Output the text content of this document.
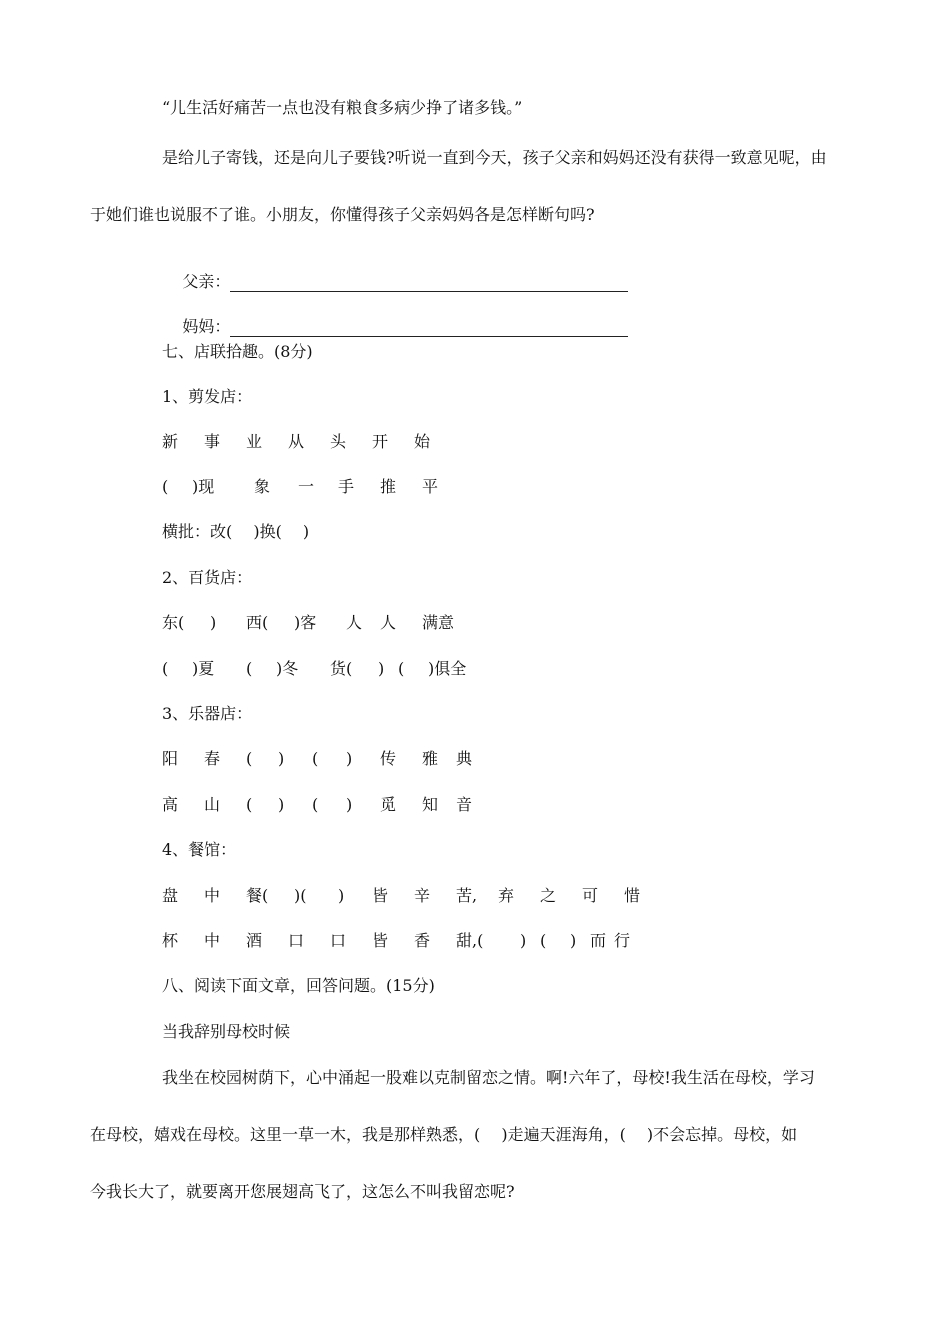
“儿生活好痛苦一点也没有粮食多病少挣了诸多钱。”
是给儿子寄钱，还是向儿子要钱?听说一直到今天，孩子父亲和妈妈还没有获得一致意见呢，由
于她们谁也说服不了谁。小朋友，你懂得孩子父亲妈妈各是怎样断句吗?

父亲：

妈妈：

七、店联拾趣。(8分)
1、剪发店：
新 事 业 从 头 开 始
( )现 象 一 手 推 平
横批：改(　 )换(　 )
2、百货店：
东( ) 西( )客 人 人 满意
( )夏 ( )冬 货( ) ( )俱全
3、乐器店：
阳 春 ( ) ( ) 传 雅 典
高 山 ( ) ( ) 觅 知 音
4、餐馆：
盘 中 餐( )( ) 皆 辛 苦, 弃 之 可 惜
杯 中 酒 口 口 皆 香 甜,( ) ( ) 而 行
八、阅读下面文章，回答问题。(15分)
当我辞别母校时候
我坐在校园树荫下，心中涌起一股难以克制留恋之情。啊!六年了，母校!我生活在母校，学习
在母校，嬉戏在母校。这里一草一木，我是那样熟悉，(　 )走遍天涯海角，(　 )不会忘掉。母校，如
今我长大了，就要离开您展翅高飞了，这怎么不叫我留恋呢?
